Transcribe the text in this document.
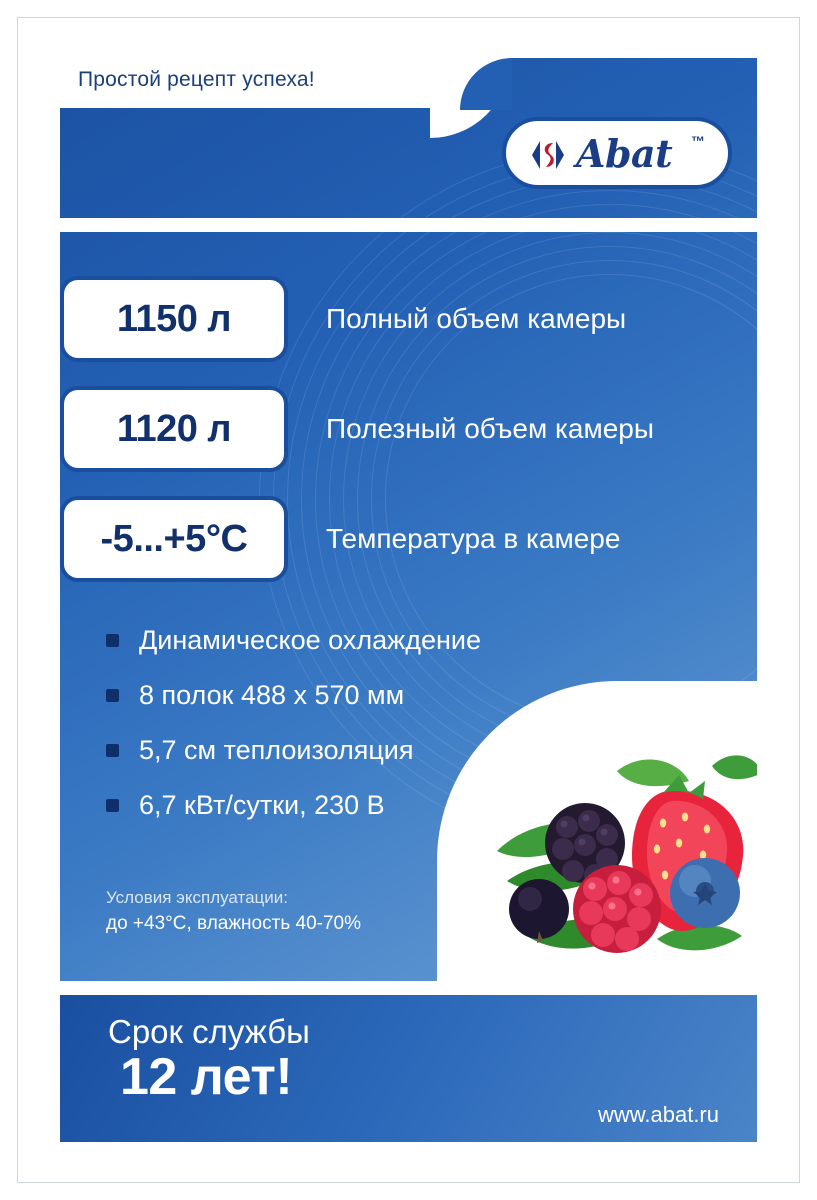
Простой рецепт успеха!
Abat ™
1150 л	Полный объем камеры
1120 л	Полезный объем камеры
-5...+5°C	Температура в камере
Динамическое охлаждение
8 полок 488 x 570 мм
5,7 см теплоизоляция
6,7 кВт/сутки, 230 В
Условия эксплуатации:
до +43°С, влажность 40-70%
Срок службы
12 лет!
www.abat.ru
